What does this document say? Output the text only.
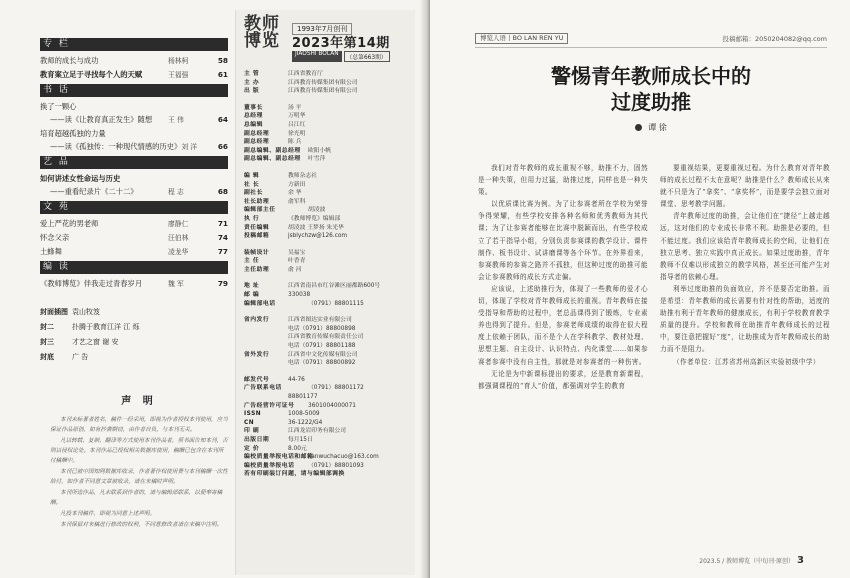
专 栏
教师的成长与成功	杨林柯	58
教育案立足于寻找每个人的天赋	王福强	61
书 话
换了一颗心
——读《让教育真正发生》随想	王 伟	64
培育超越孤独的力量
——读《孤独传：一种现代情感的历史》 刘 洋	66
艺 品
如何讲述女性命运与历史
——重看纪录片《二十二》	程 志	68
文 苑
爱上严花的男老师	廖静仁	71
怀念父亲	汪伯林	74
土蜂舞	凌龙华	77
编 读
《教师博览》伴我走过青春岁月	魏 军	79
封面插图 袁山牧笈
封二	扑腾于教育江洋 江 烁
封三	才艺之窗 谢 安
封底	广 告
声 明

本刊未标著者姓名，稿件一经采用，即视为作者授权本刊使用，应当保证作品原创，如有抄袭剽窃，由作者自负，与本刊无关。

凡以转载、复制、翻译等方式使用本刊作品者，须书面告知本刊，否则以侵权论处。本刊作品已授权相关数据库使用，稿酬已包含在本刊所付稿酬中。

本刊已被中国知网数据库收录，作者著作权使用费与本刊稿酬一次性给付，如作者不同意文章被收录，请在来稿时声明。

本刊所选作品，凡未联系到作者的，请与编辑部联系，以便奉寄稿酬。

凡投本刊稿件，即视为同意上述声明。

本刊保留对来稿进行修改的权利，不同意修改者请在来稿中注明。

教师博览
1993年7月创刊
2023年第14期
JIAOSHI BOLAN
（总第663期）
主 管	江西省教育厅
主 办	江西教育传媒集团有限公司
出 版	江西教育传媒集团有限公司
董事长	汤 平
总经理	万明华
总编辑	吕江红
副总经理	徐光明
副总经理	陈 兵
副总编辑、副总经理	欧阳小帆
副总编辑、副总经理	叶雪萍
编 辑	教师杂志社
社 长	方新田
副社长	余 华
社长助理	俞军科
编辑部主任	胡凌波
执 行	《教师博览》编辑部
责任编辑	胡凌波 王梦扬 朱光华
投稿邮箱	jsblychzw@126.com
装帧设计	吴福宝
主 任	叶香青
主任助理	俞 河
地 址	江西省南昌市红谷滩区丽都路600号
邮 编	330038
编辑部电话	（0791）88801115
省内发行	江西省图达实业有限公司
电话（0791）88800898
江西省教育传媒有限责任公司
电话（0791）88801188
省外发行	江西省中文化传媒有限公司
电话（0791）88800892
邮发代号	44-76
广告联系电话	（0791）88801172
88801177
广告经营许可证号	3601004000071
ISSN	1008-5009
CN	36-1222/G4
印 刷	江西龙岩印务有限公司
出版日期	每月15日
定 价	8.00元
编校质量举报电话和邮箱
kanwuchacuo@163.com
编校质量举报电话	（0791）88801093
若有印刷装订问题，请与编辑部调换
博览人语丨BO LAN REN YU	投稿邮箱：2050204082@qq.com
警惕青年教师成长中的
过度助推
谭 徐

我们对青年教师的成长重视不够，助推不力，固然是一种失策，但用力过猛，助推过度，同样也是一种失策。

以优质课比赛为例。为了让参赛者所在学校为荣誉争得荣耀，有些学校安排各种名师和优秀教师为其代课；为了让参赛者能够在比赛中脱颖而出，有些学校成立了若干指导小组，分别负责参赛课的教学设计、课件制作、板书设计、试讲磨课等各个环节。在外界看来，参赛教师的参赛之路并不孤独，但这种过度的助推可能会让参赛教师的成长方式走偏。

应该说，上述助推行为，体现了一些教师的爱才心切，体现了学校对青年教师成长的重视。青年教师在接受指导和帮助的过程中，老总品课得到了锻炼，专业素养也得到了提升。但是，参赛老师成绩的取得在很大程度上依赖于团队，而不是个人在学科教学、教材处理、思想主题、自主设计、认识特点、内化课堂……如果参赛者参赛中没有自主性，那就是对参赛者的一种伤害。

无论是为中新课标提出的要求，还是教育新课程，都强调课程的“育人”价值，都强调对学生的教育

要重视结果，更要重视过程。为什么教育对青年教师的成长过程不太在意呢？助推是什么？教师成长从来就不只是为了“拿奖”、“拿奖杯”，而是要学会独立面对课堂、思考教学问题。

青年教师过度的助推，会让他们在“捷径”上越走越远，这对他们的专业成长非常不利。助推是必要的，但不能过度。我们应该给青年教师成长的空间，让他们在独立思考、独立实践中真正成长。如果过度助推，青年教师不仅难以形成独立的教学风格，甚至还可能产生对指导者的依赖心理。

利举过度助推的负面效应，并不是要否定助推。而是希望：青年教师的成长需要有针对性的帮助，适度的助推有利于青年教师的健康成长，有利于学校教育教学质量的提升。学校和教师在助推青年教师成长的过程中，要注意把握好“度”，让助推成为青年教师成长的助力而不是阻力。

（作者单位：江苏省苏州高新区实验初级中学）

2023.5 / 教师博览（中旬刊·原创） 3
